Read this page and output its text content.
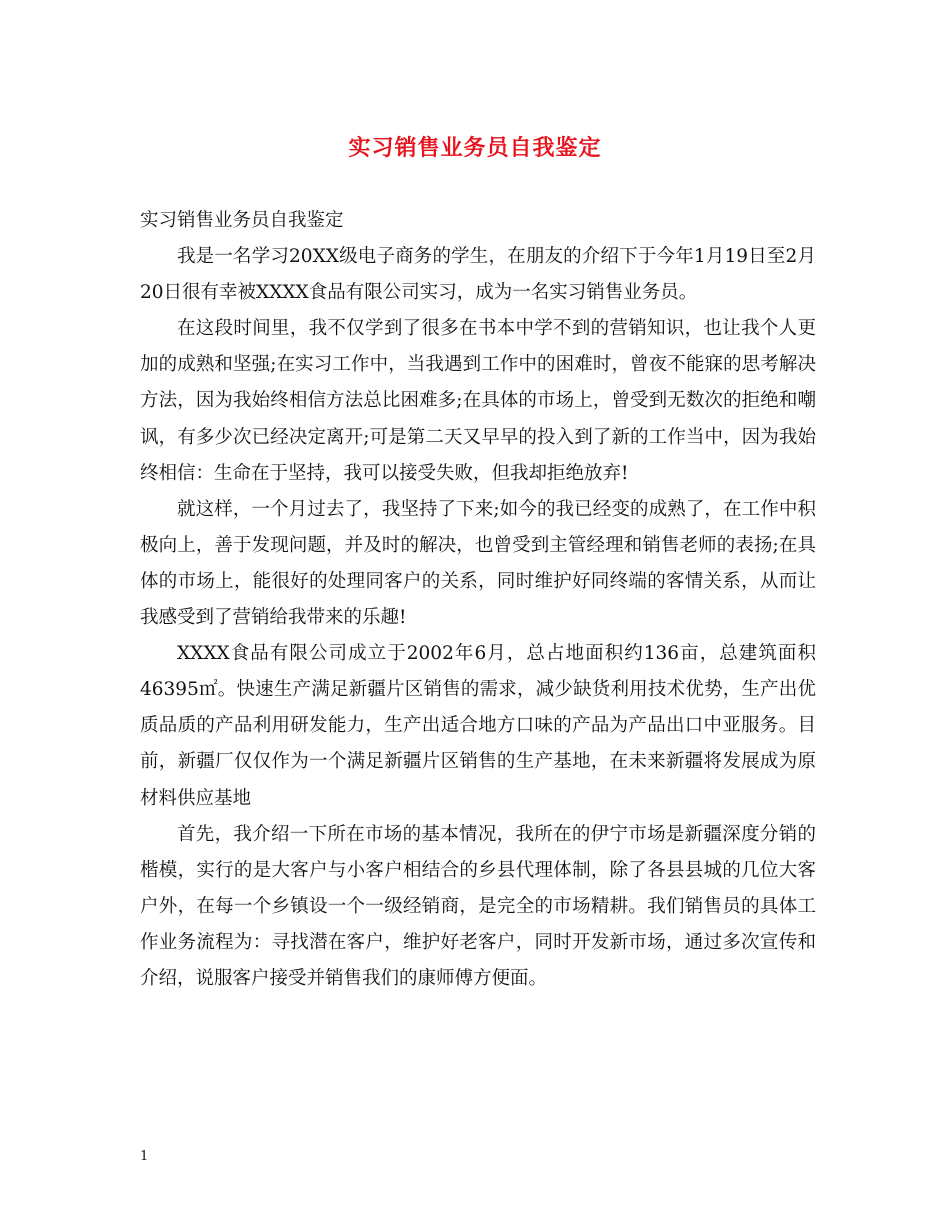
实习销售业务员自我鉴定

实习销售业务员自我鉴定

我是一名学习20XX级电子商务的学生，在朋友的介绍下于今年1月19日至2月20日很有幸被XXXX食品有限公司实习，成为一名实习销售业务员。

在这段时间里，我不仅学到了很多在书本中学不到的营销知识，也让我个人更加的成熟和坚强;在实习工作中，当我遇到工作中的困难时，曾夜不能寐的思考解决方法，因为我始终相信方法总比困难多;在具体的市场上，曾受到无数次的拒绝和嘲讽，有多少次已经决定离开;可是第二天又早早的投入到了新的工作当中，因为我始终相信：生命在于坚持，我可以接受失败，但我却拒绝放弃!

就这样，一个月过去了，我坚持了下来;如今的我已经变的成熟了，在工作中积极向上，善于发现问题，并及时的解决，也曾受到主管经理和销售老师的表扬;在具体的市场上，能很好的处理同客户的关系，同时维护好同终端的客情关系，从而让我感受到了营销给我带来的乐趣!

XXXX食品有限公司成立于2002年6月，总占地面积约136亩，总建筑面积46395㎡。快速生产满足新疆片区销售的需求，减少缺货利用技术优势，生产出优质品质的产品利用研发能力，生产出适合地方口味的产品为产品出口中亚服务。目前，新疆厂仅仅作为一个满足新疆片区销售的生产基地，在未来新疆将发展成为原材料供应基地

首先，我介绍一下所在市场的基本情况，我所在的伊宁市场是新疆深度分销的楷模，实行的是大客户与小客户相结合的乡县代理体制，除了各县县城的几位大客户外，在每一个乡镇设一个一级经销商，是完全的市场精耕。我们销售员的具体工作业务流程为：寻找潜在客户，维护好老客户，同时开发新市场，通过多次宣传和介绍，说服客户接受并销售我们的康师傅方便面。

1
